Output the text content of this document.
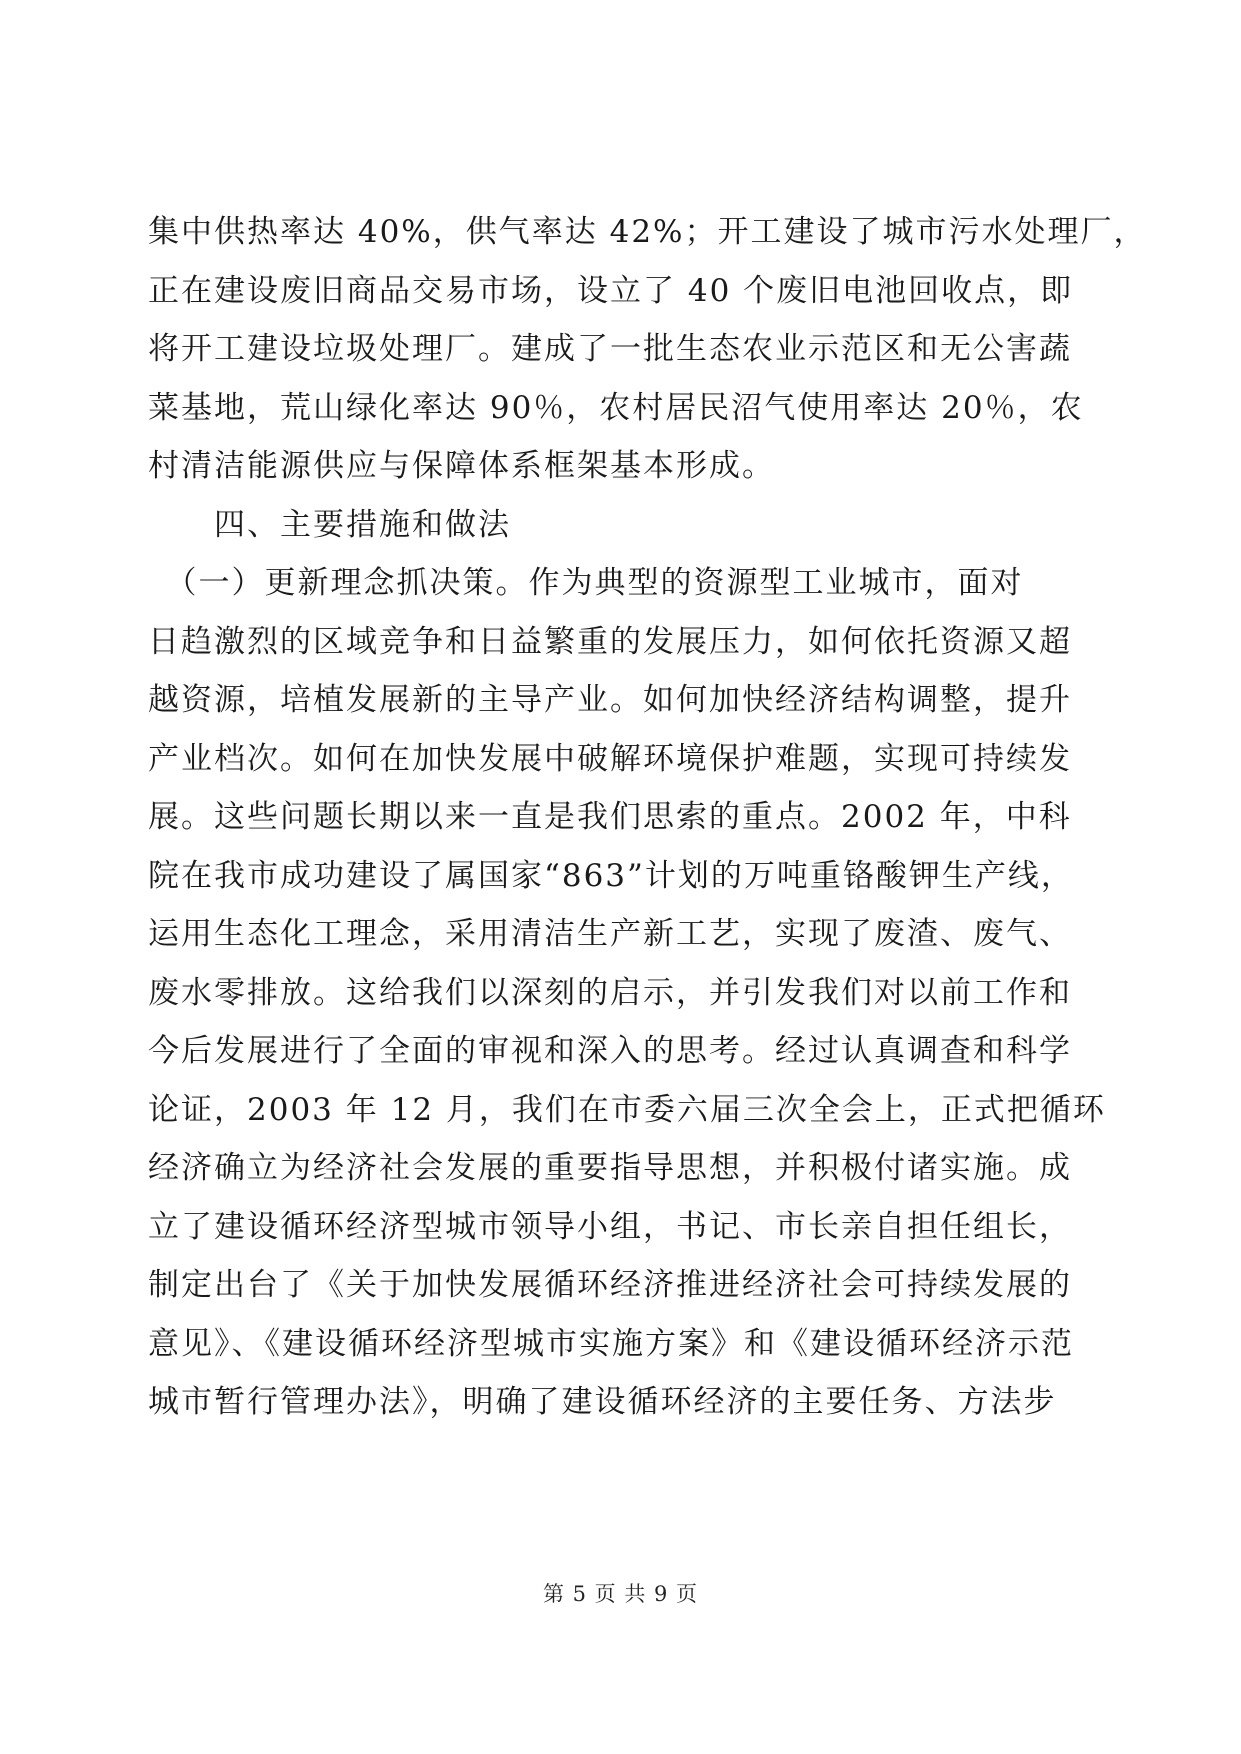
集中供热率达 40%，供气率达 42%；开工建设了城市污水处理厂，
正在建设废旧商品交易市场，设立了 40 个废旧电池回收点，即
将开工建设垃圾处理厂。建成了一批生态农业示范区和无公害蔬
菜基地，荒山绿化率达 90％，农村居民沼气使用率达 20％，农
村清洁能源供应与保障体系框架基本形成。
　　四、主要措施和做法
　（一）更新理念抓决策。作为典型的资源型工业城市，面对
日趋激烈的区域竞争和日益繁重的发展压力，如何依托资源又超
越资源，培植发展新的主导产业。如何加快经济结构调整，提升
产业档次。如何在加快发展中破解环境保护难题，实现可持续发
展。这些问题长期以来一直是我们思索的重点。2002 年，中科
院在我市成功建设了属国家“863”计划的万吨重铬酸钾生产线，
运用生态化工理念，采用清洁生产新工艺，实现了废渣、废气、
废水零排放。这给我们以深刻的启示，并引发我们对以前工作和
今后发展进行了全面的审视和深入的思考。经过认真调查和科学
论证，2003 年 12 月，我们在市委六届三次全会上，正式把循环
经济确立为经济社会发展的重要指导思想，并积极付诸实施。成
立了建设循环经济型城市领导小组，书记、市长亲自担任组长，
制定出台了《关于加快发展循环经济推进经济社会可持续发展的
意见》、《建设循环经济型城市实施方案》和《建设循环经济示范
城市暂行管理办法》，明确了建设循环经济的主要任务、方法步
第 5 页 共 9 页
